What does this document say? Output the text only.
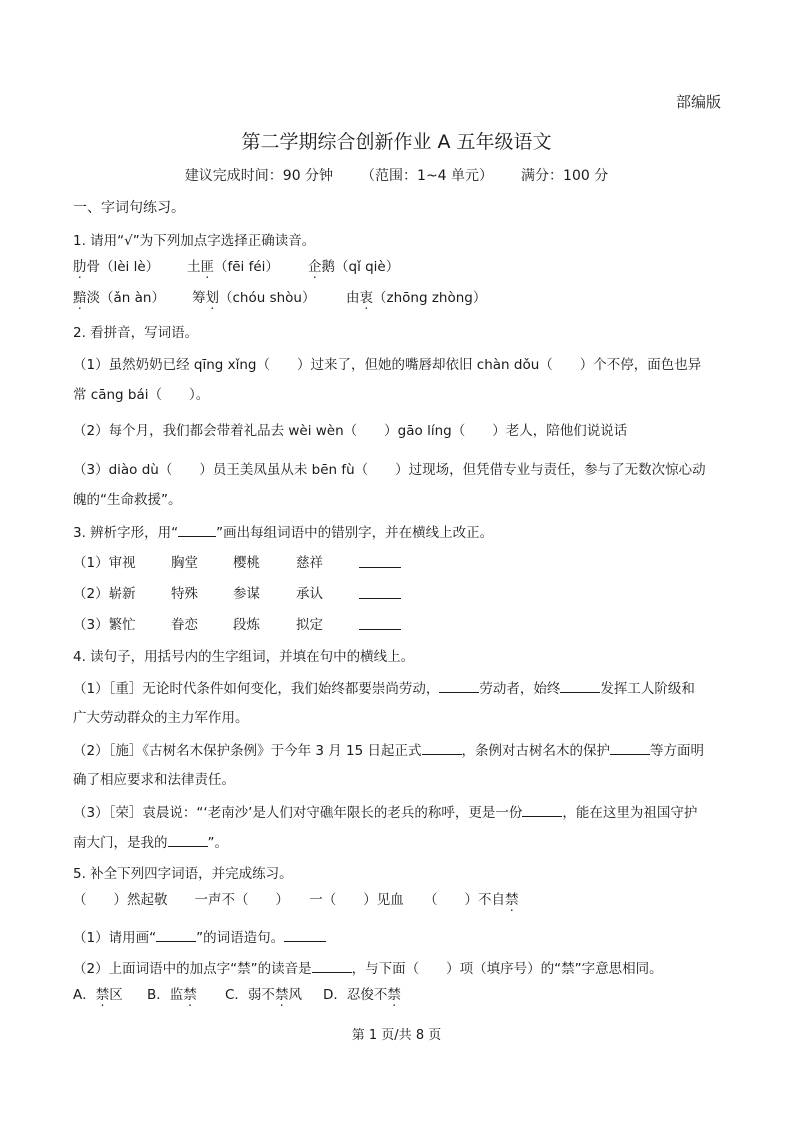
部编版
第二学期综合创新作业 A 五年级语文
建议完成时间：90 分钟   （范围：1~4 单元）   满分：100 分
一、字词句练习。
1. 请用“√”为下列加点字选择正确读音。
肋骨（lèi lè） 土匪（fēi féi） 企鹅（qǐ qiè）
黯淡（ǎn àn） 筹划（chóu shòu） 由衷（zhōng zhòng）
2. 看拼音，写词语。
（1）虽然奶奶已经 qīng xǐng（　　）过来了，但她的嘴唇却依旧 chàn dǒu（　　）个不停，面色也异
常 cāng bái（　　）。
（2）每个月，我们都会带着礼品去 wèi wèn（　　）gāo líng（　　）老人，陪他们说说话
（3）diào dù（　　）员王美凤虽从未 bēn fù（　　）过现场，但凭借专业与责任，参与了无数次惊心动
魄的“生命救援”。
3. 辨析字形，用“	”画出每组词语中的错别字，并在横线上改正。
（1）审视	胸堂	樱桃	慈祥
（2）崭新	特殊	参谋	承认
（3）繁忙	眷恋	段炼	拟定
4. 读句子，用括号内的生字组词，并填在句中的横线上。
（1）［重］无论时代条件如何变化，我们始终都要崇尚劳动，	劳动者，始终	发挥工人阶级和
广大劳动群众的主力军作用。
（2）［施］《古树名木保护条例》于今年 3 月 15 日起正式	，条例对古树名木的保护	等方面明
确了相应要求和法律责任。
（3）［荣］袁晨说：“‘老南沙’是人们对守礁年限长的老兵的称呼，更是一份	，能在这里为祖国守护
南大门，是我的	”。
5. 补全下列四字词语，并完成练习。
（　　）然起敬　　一声不（　　）　　一（　　）见血　　（　　）不自禁
（1）请用画“	”的词语造句。
（2）上面词语中的加点字“禁”的读音是	，与下面（　　）项（填序号）的“禁”字意思相同。
A．禁区 B．监禁 C．弱不禁风 D．忍俊不禁
第 1 页/共 8 页
